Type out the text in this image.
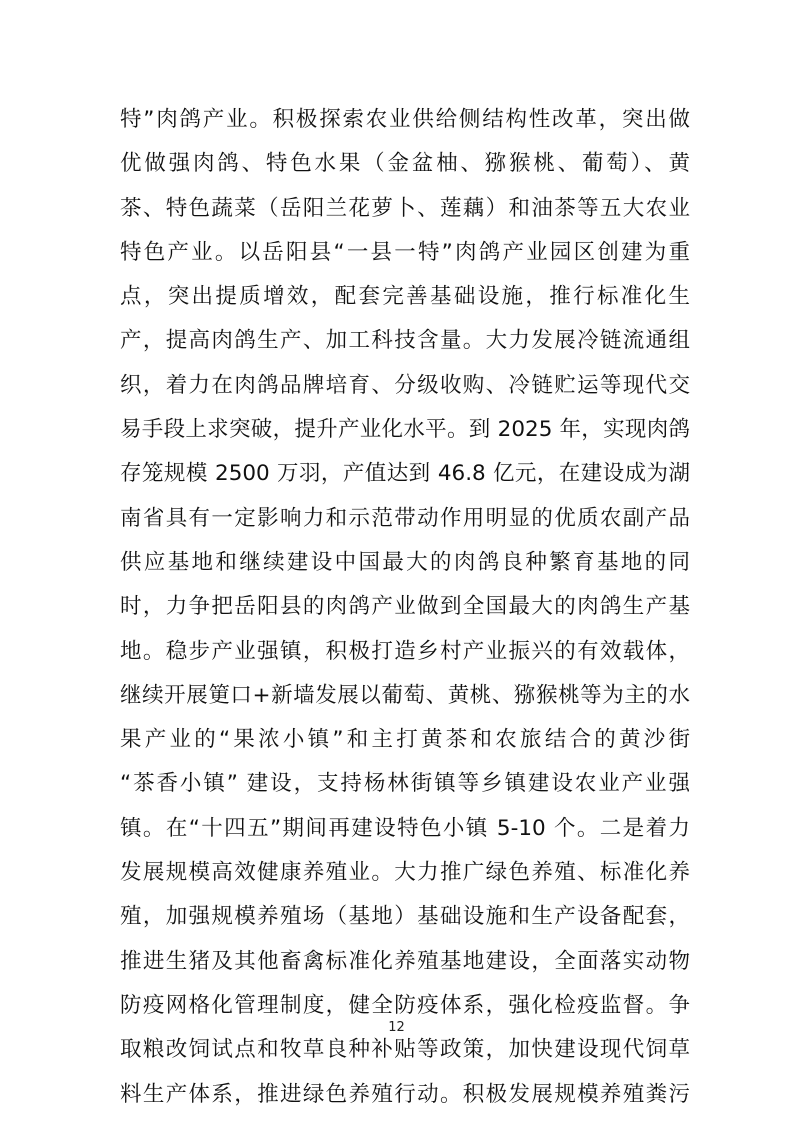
特”肉鸽产业。积极探索农业供给侧结构性改革，突出做
优做强肉鸽、特色水果（金盆柚、猕猴桃、葡萄）、黄
茶、特色蔬菜（岳阳兰花萝卜、莲藕）和油茶等五大农业
特色产业。以岳阳县“一县一特”肉鸽产业园区创建为重
点，突出提质增效，配套完善基础设施，推行标准化生
产，提高肉鸽生产、加工科技含量。大力发展冷链流通组
织，着力在肉鸽品牌培育、分级收购、冷链贮运等现代交
易手段上求突破，提升产业化水平。到 2025 年，实现肉鸽
存笼规模 2500 万羽，产值达到 46.8 亿元，在建设成为湖
南省具有一定影响力和示范带动作用明显的优质农副产品
供应基地和继续建设中国最大的肉鸽良种繁育基地的同
时，力争把岳阳县的肉鸽产业做到全国最大的肉鸽生产基
地。稳步产业强镇，积极打造乡村产业振兴的有效载体，
继续开展筻口+新墙发展以葡萄、黄桃、猕猴桃等为主的水
果产业的“果浓小镇”和主打黄茶和农旅结合的黄沙街
“茶香小镇” 建设，支持杨林街镇等乡镇建设农业产业强
镇。在“十四五”期间再建设特色小镇 5-10 个。二是着力
发展规模高效健康养殖业。大力推广绿色养殖、标准化养
殖，加强规模养殖场（基地）基础设施和生产设备配套，
推进生猪及其他畜禽标准化养殖基地建设，全面落实动物
防疫网格化管理制度，健全防疫体系，强化检疫监督。争
取粮改饲试点和牧草良种补贴等政策，加快建设现代饲草
料生产体系，推进绿色养殖行动。积极发展规模养殖粪污
12
